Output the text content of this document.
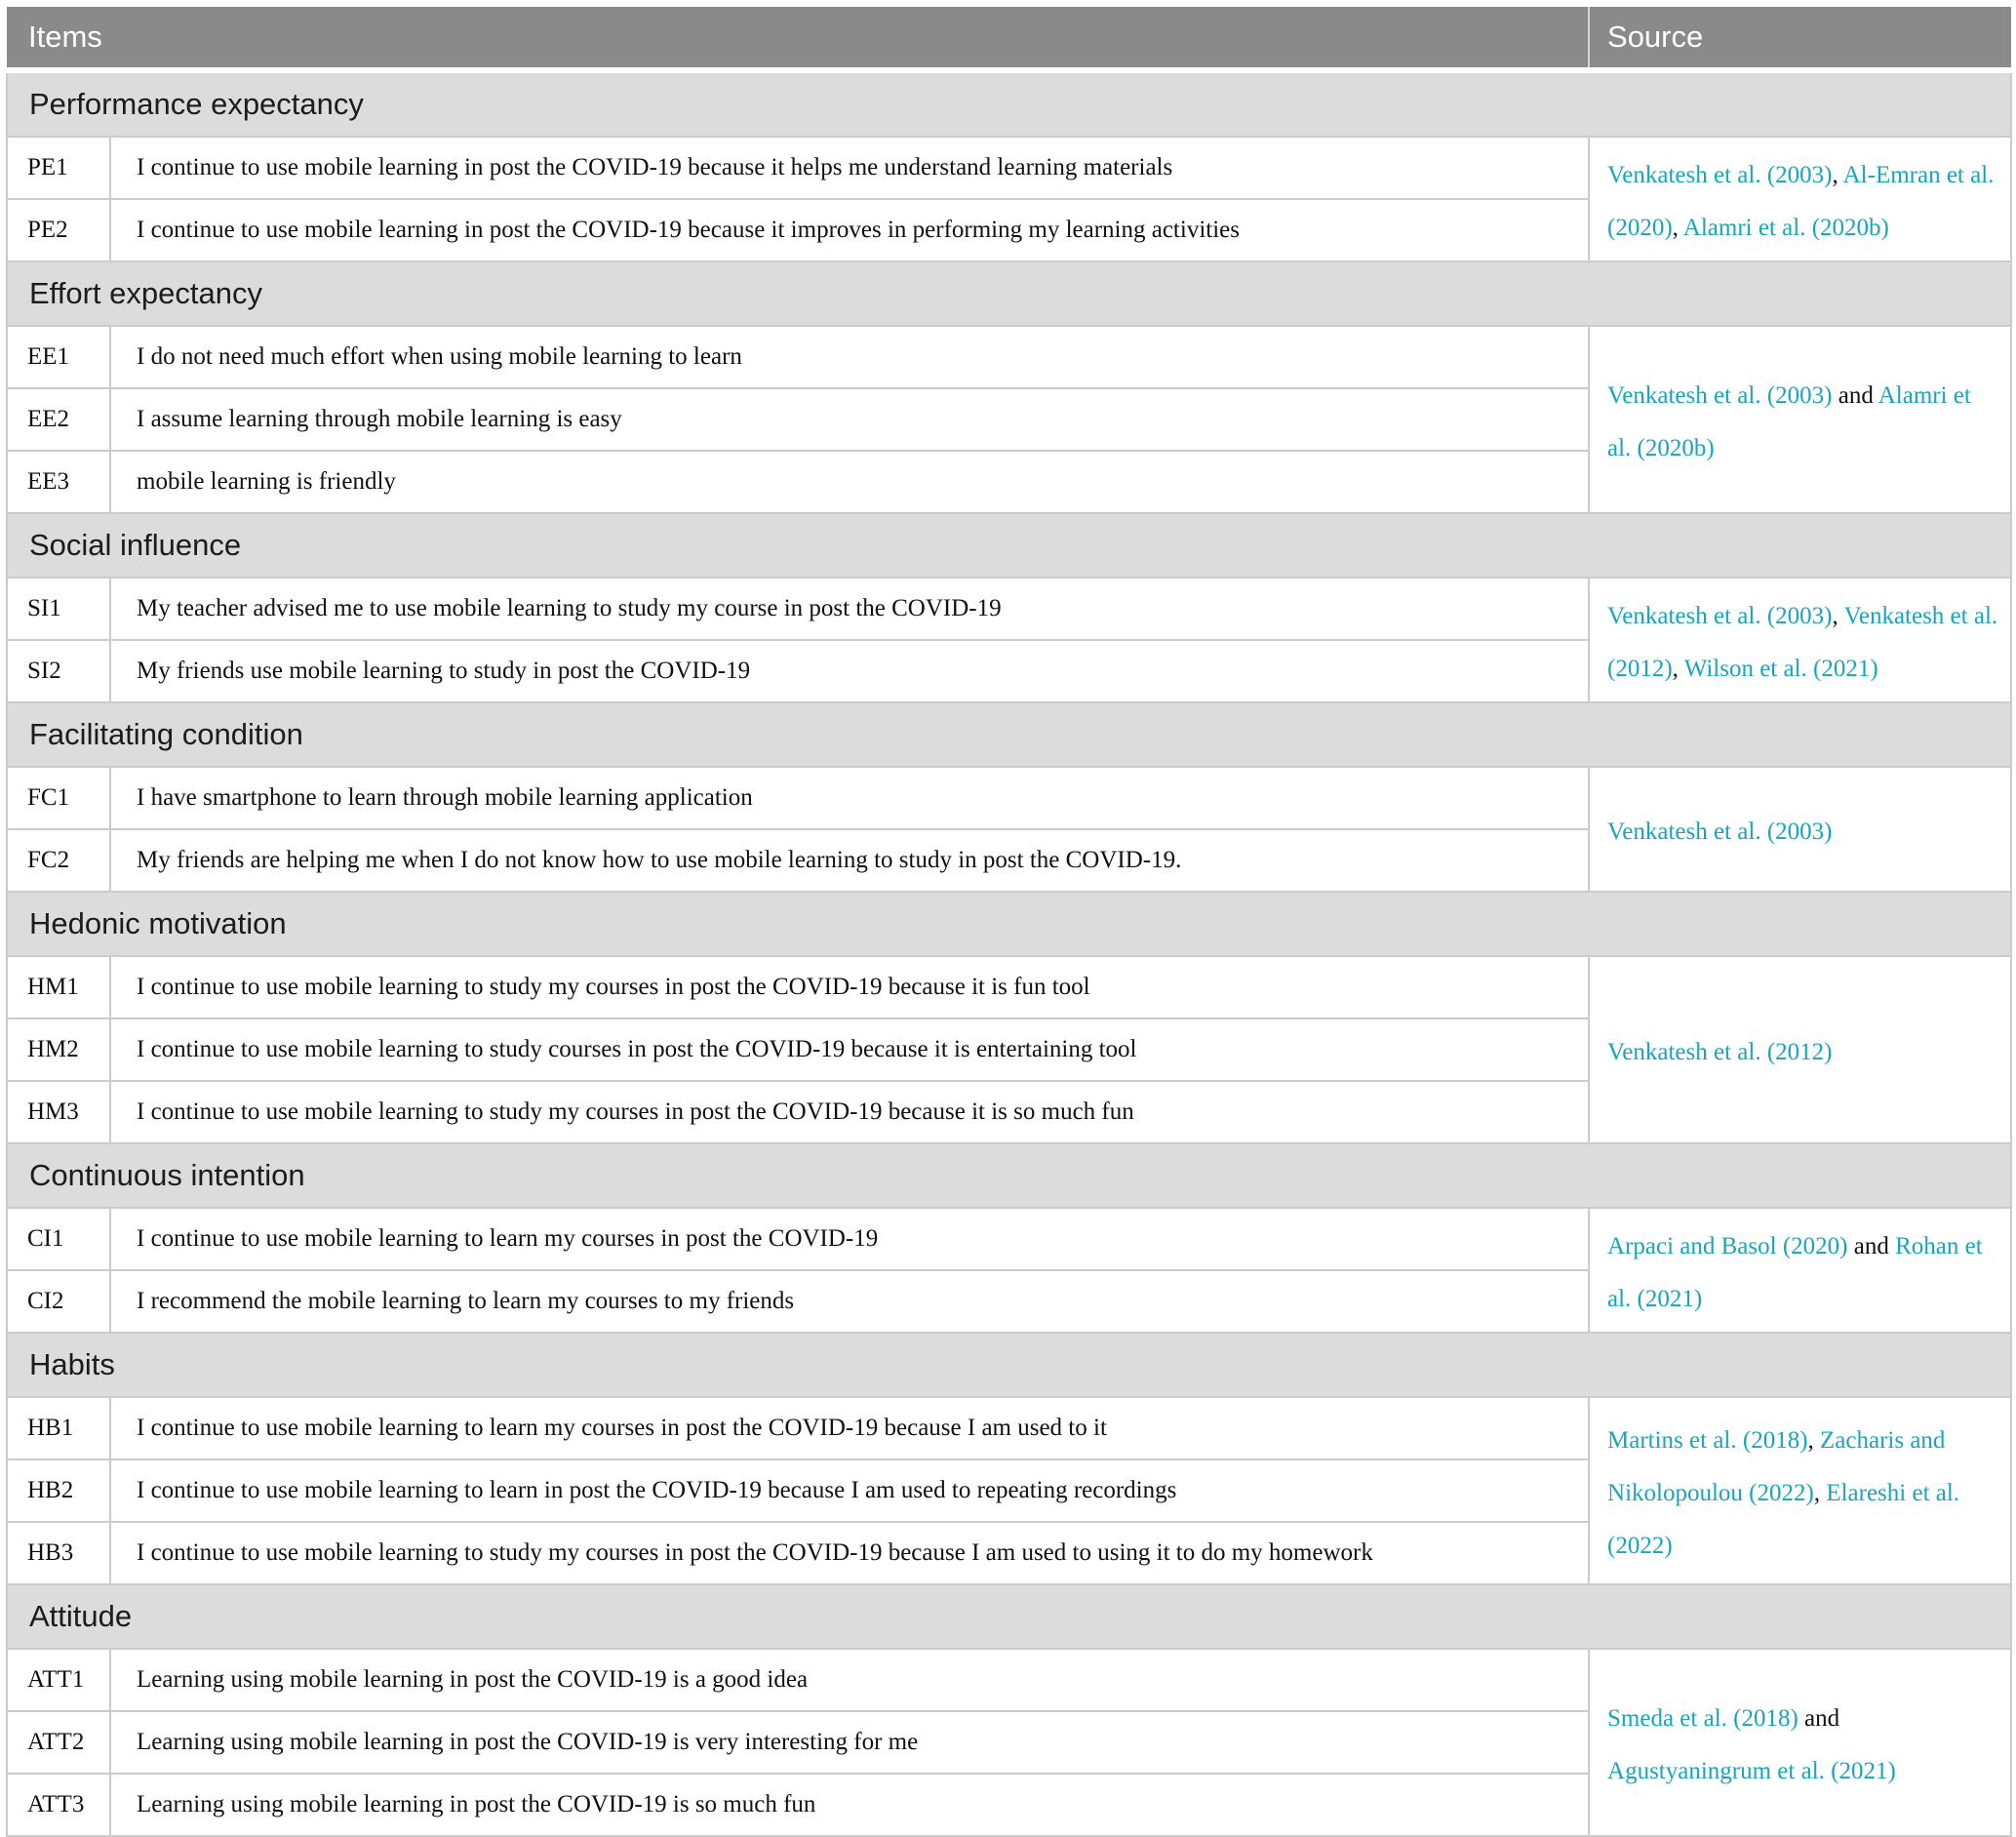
Items		Source
Performance expectancy		
PE1	I continue to use mobile learning in post the COVID-19 because it helps me understand learning materials	Venkatesh et al. (2003), Al-Emran et al. (2020), Alamri et al. (2020b)
PE2	I continue to use mobile learning in post the COVID-19 because it improves in performing my learning activities	
Effort expectancy		
EE1	I do not need much effort when using mobile learning to learn	Venkatesh et al. (2003) and Alamri et al. (2020b)
EE2	I assume learning through mobile learning is easy	
EE3	mobile learning is friendly	
Social influence		
SI1	My teacher advised me to use mobile learning to study my course in post the COVID-19	Venkatesh et al. (2003), Venkatesh et al. (2012), Wilson et al. (2021)
SI2	My friends use mobile learning to study in post the COVID-19	
Facilitating condition		
FC1	I have smartphone to learn through mobile learning application	Venkatesh et al. (2003)
FC2	My friends are helping me when I do not know how to use mobile learning to study in post the COVID-19.	
Hedonic motivation		
HM1	I continue to use mobile learning to study my courses in post the COVID-19 because it is fun tool	Venkatesh et al. (2012)
HM2	I continue to use mobile learning to study courses in post the COVID-19 because it is entertaining tool	
HM3	I continue to use mobile learning to study my courses in post the COVID-19 because it is so much fun	
Continuous intention		
CI1	I continue to use mobile learning to learn my courses in post the COVID-19	Arpaci and Basol (2020) and Rohan et al. (2021)
CI2	I recommend the mobile learning to learn my courses to my friends	
Habits		
HB1	I continue to use mobile learning to learn my courses in post the COVID-19 because I am used to it	Martins et al. (2018), Zacharis and Nikolopoulou (2022), Elareshi et al. (2022)
HB2	I continue to use mobile learning to learn in post the COVID-19 because I am used to repeating recordings	
HB3	I continue to use mobile learning to study my courses in post the COVID-19 because I am used to using it to do my homework	
Attitude		
ATT1	Learning using mobile learning in post the COVID-19 is a good idea	Smeda et al. (2018) and Agustyaningrum et al. (2021)
ATT2	Learning using mobile learning in post the COVID-19 is very interesting for me	
ATT3	Learning using mobile learning in post the COVID-19 is so much fun	
